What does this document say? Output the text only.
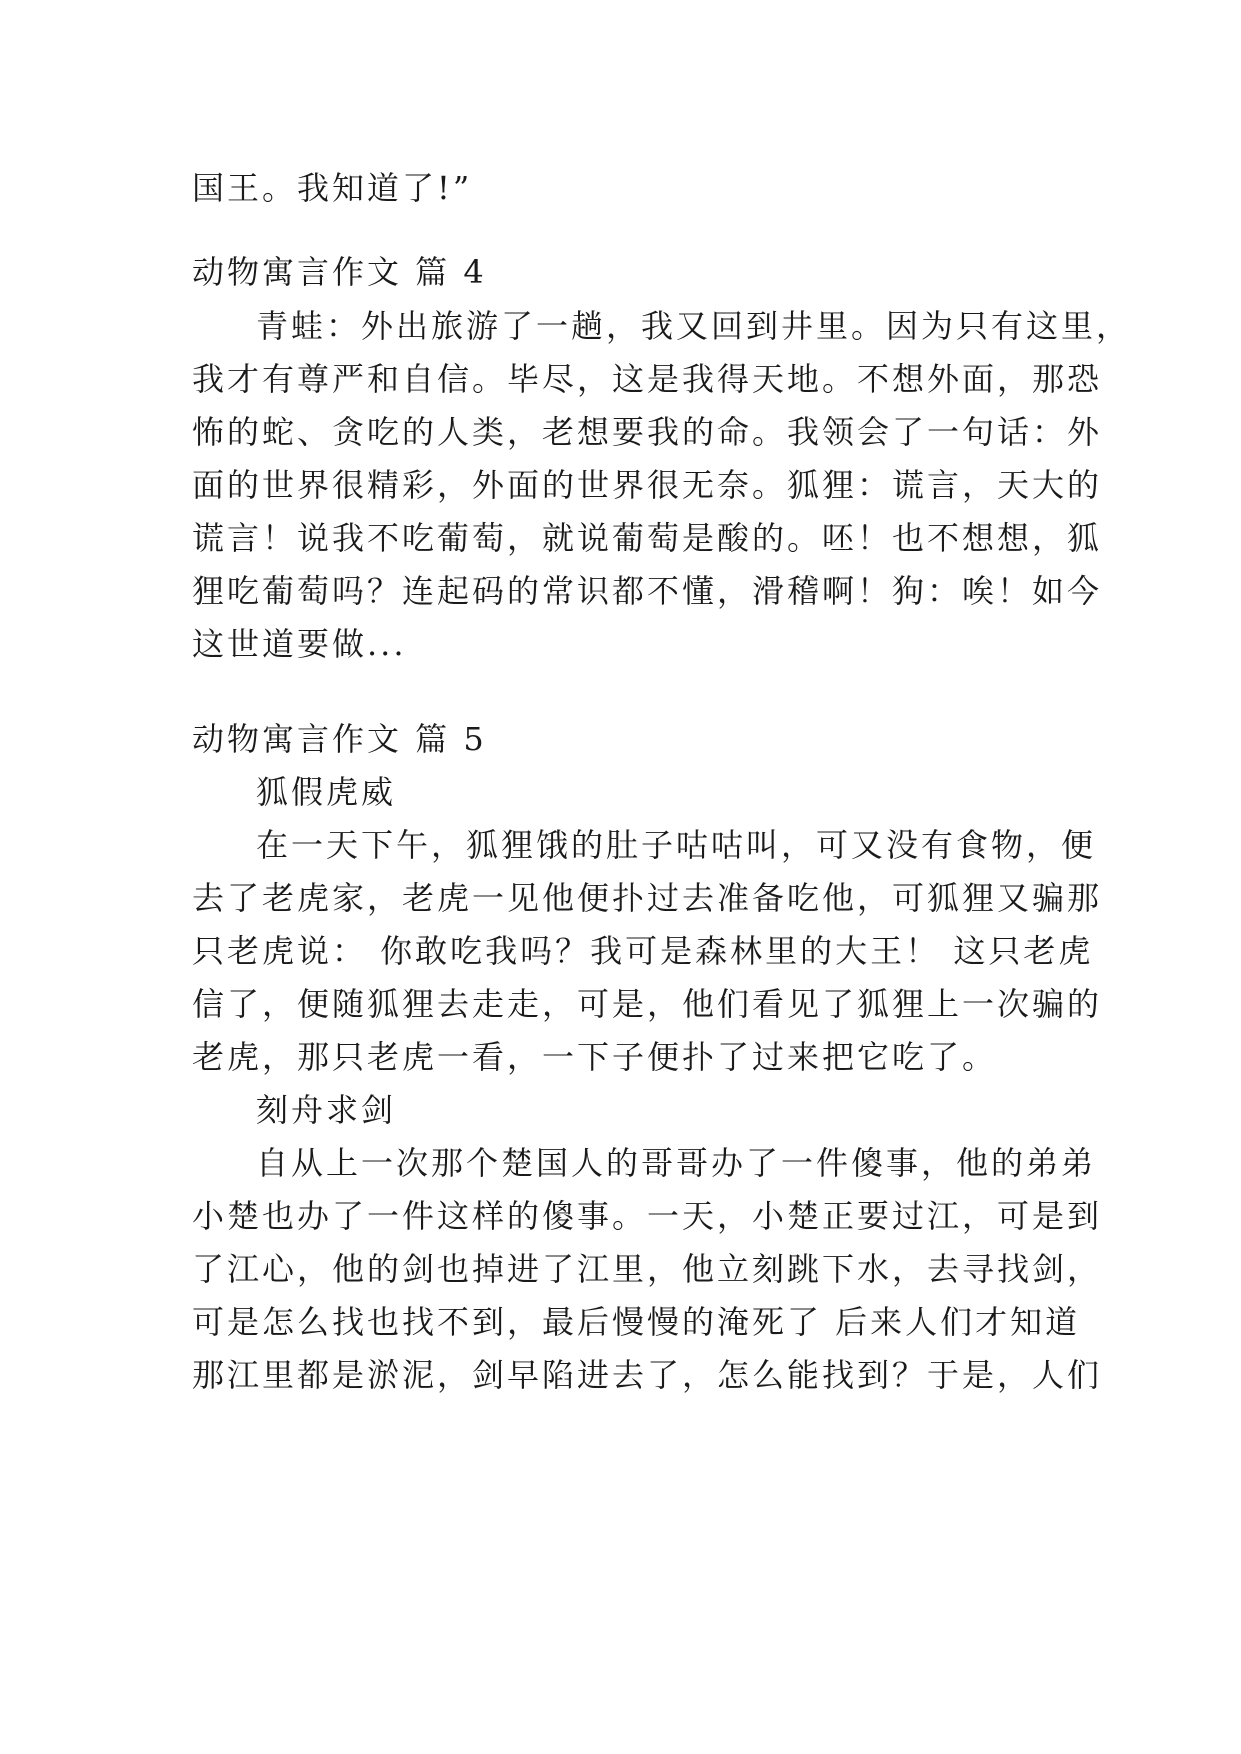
国王。我知道了!”
动物寓言作文 篇 4
青蛙：外出旅游了一趟，我又回到井里。因为只有这里，
我才有尊严和自信。毕尽，这是我得天地。不想外面，那恐
怖的蛇、贪吃的人类，老想要我的命。我领会了一句话：外
面的世界很精彩，外面的世界很无奈。狐狸：谎言，天大的
谎言！说我不吃葡萄，就说葡萄是酸的。呸！也不想想，狐
狸吃葡萄吗？连起码的常识都不懂，滑稽啊！狗：唉！如今
这世道要做...
动物寓言作文 篇 5
狐假虎威
在一天下午，狐狸饿的肚子咕咕叫，可又没有食物，便
去了老虎家，老虎一见他便扑过去准备吃他，可狐狸又骗那
只老虎说： 你敢吃我吗？我可是森林里的大王！ 这只老虎
信了，便随狐狸去走走，可是，他们看见了狐狸上一次骗的
老虎，那只老虎一看，一下子便扑了过来把它吃了。
刻舟求剑
自从上一次那个楚国人的哥哥办了一件傻事，他的弟弟
小楚也办了一件这样的傻事。一天，小楚正要过江，可是到
了江心，他的剑也掉进了江里，他立刻跳下水，去寻找剑，
可是怎么找也找不到，最后慢慢的淹死了 后来人们才知道
那江里都是淤泥，剑早陷进去了，怎么能找到？于是，人们
